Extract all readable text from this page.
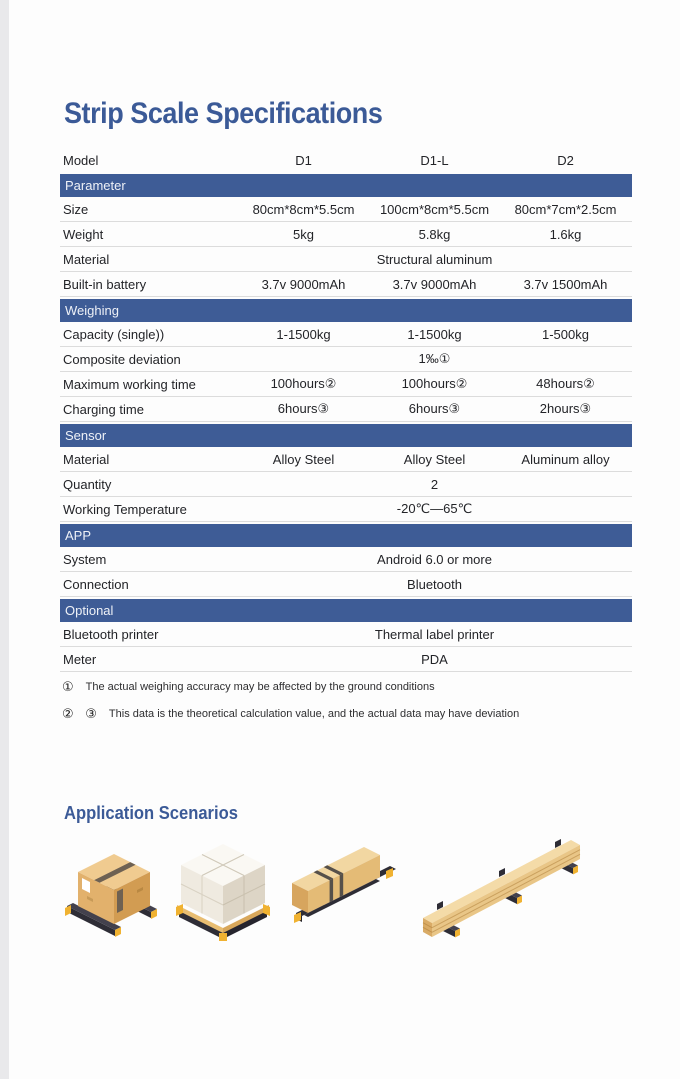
Strip Scale Specifications
Model	D1	D1-L	D2
Parameter
Size	80cm*8cm*5.5cm	100cm*8cm*5.5cm	80cm*7cm*2.5cm
Weight	5kg	5.8kg	1.6kg
Material	Structural aluminum
Built-in battery	3.7v 9000mAh	3.7v 9000mAh	3.7v 1500mAh
Weighing
Capacity (single))	1-1500kg	1-1500kg	1-500kg
Composite deviation	1‰①
Maximum working time	100hours②	100hours②	48hours②
Charging time	6hours③	6hours③	2hours③
Sensor
Material	Alloy Steel	Alloy Steel	Aluminum alloy
Quantity	2
Working Temperature	-20℃—65℃
APP
System	Android 6.0 or more
Connection	Bluetooth
Optional
Bluetooth printer	Thermal label printer
Meter	PDA
① The actual weighing accuracy may be affected by the ground conditions
② ③ This data is the theoretical calculation value, and the actual data may have deviation
Application Scenarios
